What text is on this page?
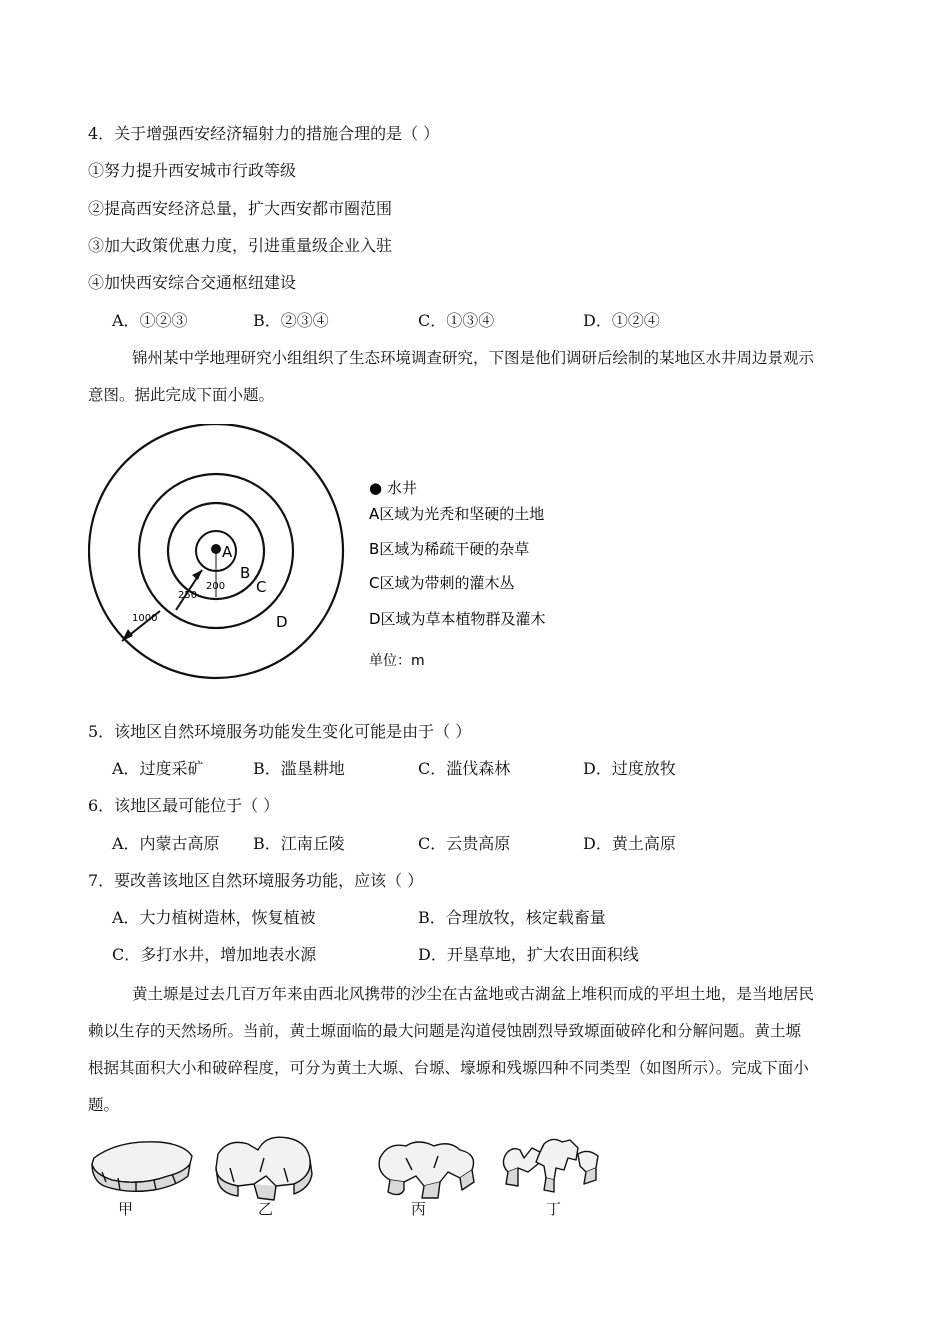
4．关于增强西安经济辐射力的措施合理的是（ ）
①努力提升西安城市行政等级
②提高西安经济总量，扩大西安都市圈范围
③加大政策优惠力度，引进重量级企业入驻
④加快西安综合交通枢纽建设
A．①②③	B．②③④	C．①③④	D．①②④
锦州某中学地理研究小组组织了生态环境调查研究，下图是他们调研后绘制的某地区水井周边景观示
意图。据此完成下面小题。
A
B
C
D
200
250
1000
● 水井
A区域为光秃和坚硬的土地
B区域为稀疏干硬的杂草
C区域为带刺的灌木丛
D区域为草本植物群及灌木
单位：m
5．该地区自然环境服务功能发生变化可能是由于（ ）
A．过度采矿	B．滥垦耕地	C．滥伐森林	D．过度放牧
6．该地区最可能位于（ ）
A．内蒙古高原 B．江南丘陵	C．云贵高原	D．黄土高原
7．要改善该地区自然环境服务功能，应该（ ）
A．大力植树造林，恢复植被	B．合理放牧，核定载畜量
C．多打水井，增加地表水源	D．开垦草地，扩大农田面积线
黄土塬是过去几百万年来由西北风携带的沙尘在古盆地或古湖盆上堆积而成的平坦土地，是当地居民
赖以生存的天然场所。当前，黄土塬面临的最大问题是沟道侵蚀剧烈导致塬面破碎化和分解问题。黄土塬
根据其面积大小和破碎程度，可分为黄土大塬、台塬、壕塬和残塬四种不同类型（如图所示）。完成下面小
题。
甲	乙	丙	丁
